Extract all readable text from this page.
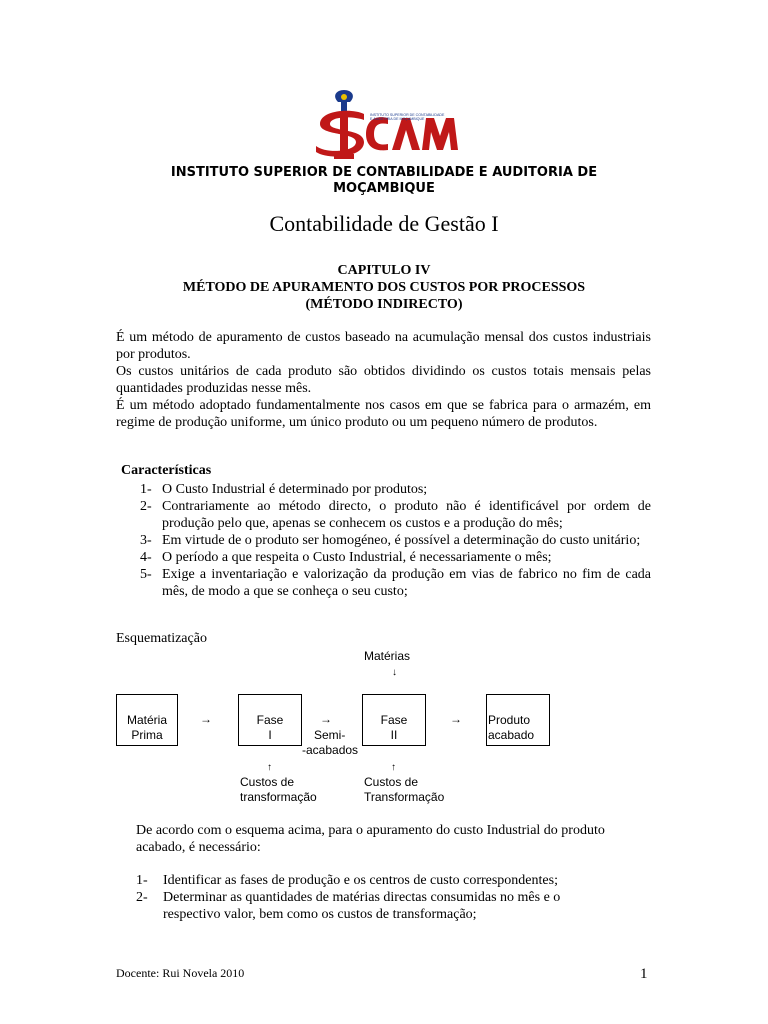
INSTITUTO SUPERIOR DE CONTABILIDADE
E AUDITORIA DE MOÇAMBIQUE
INSTITUTO SUPERIOR DE CONTABILIDADE E AUDITORIA DE MOÇAMBIQUE
Contabilidade de Gestão I
CAPITULO IV
MÉTODO DE APURAMENTO DOS CUSTOS POR PROCESSOS
(MÉTODO INDIRECTO)

É um método de apuramento de custos baseado na acumulação mensal dos custos industriais por produtos.

Os custos unitários de cada produto são obtidos dividindo os custos totais mensais pelas quantidades produzidas nesse mês.

É um método adoptado fundamentalmente nos casos em que se fabrica para o armazém, em regime de produção uniforme, um único produto ou um pequeno número de produtos.

Características
1- O Custo Industrial é determinado por produtos;
2- Contrariamente ao método directo, o produto não é identificável por ordem de produção pelo que, apenas se conhecem os custos e a produção do mês;
3- Em virtude de o produto ser homogéneo, é possível a determinação do custo unitário;
4- O período a que respeita o Custo Industrial, é necessariamente o mês;
5- Exige a inventariação e valorização da produção em vias de fabrico no fim de cada mês, de modo a que se conheça o seu custo;
Esquematização
Matérias
↓
Matéria
Prima
→	Fase
I
→
Semi-
-acabados
Fase
II
→ Produto
acabado
↑	↑
Custos de
transformação
Custos de
Transformação
De acordo com o esquema acima, para o apuramento do custo Industrial do produto acabado, é necessário:
1- Identificar as fases de produção e os centros de custo correspondentes;
2- Determinar as quantidades de matérias directas consumidas no mês e o respectivo valor, bem como os custos de transformação;
Docente: Rui Novela 2010	1
